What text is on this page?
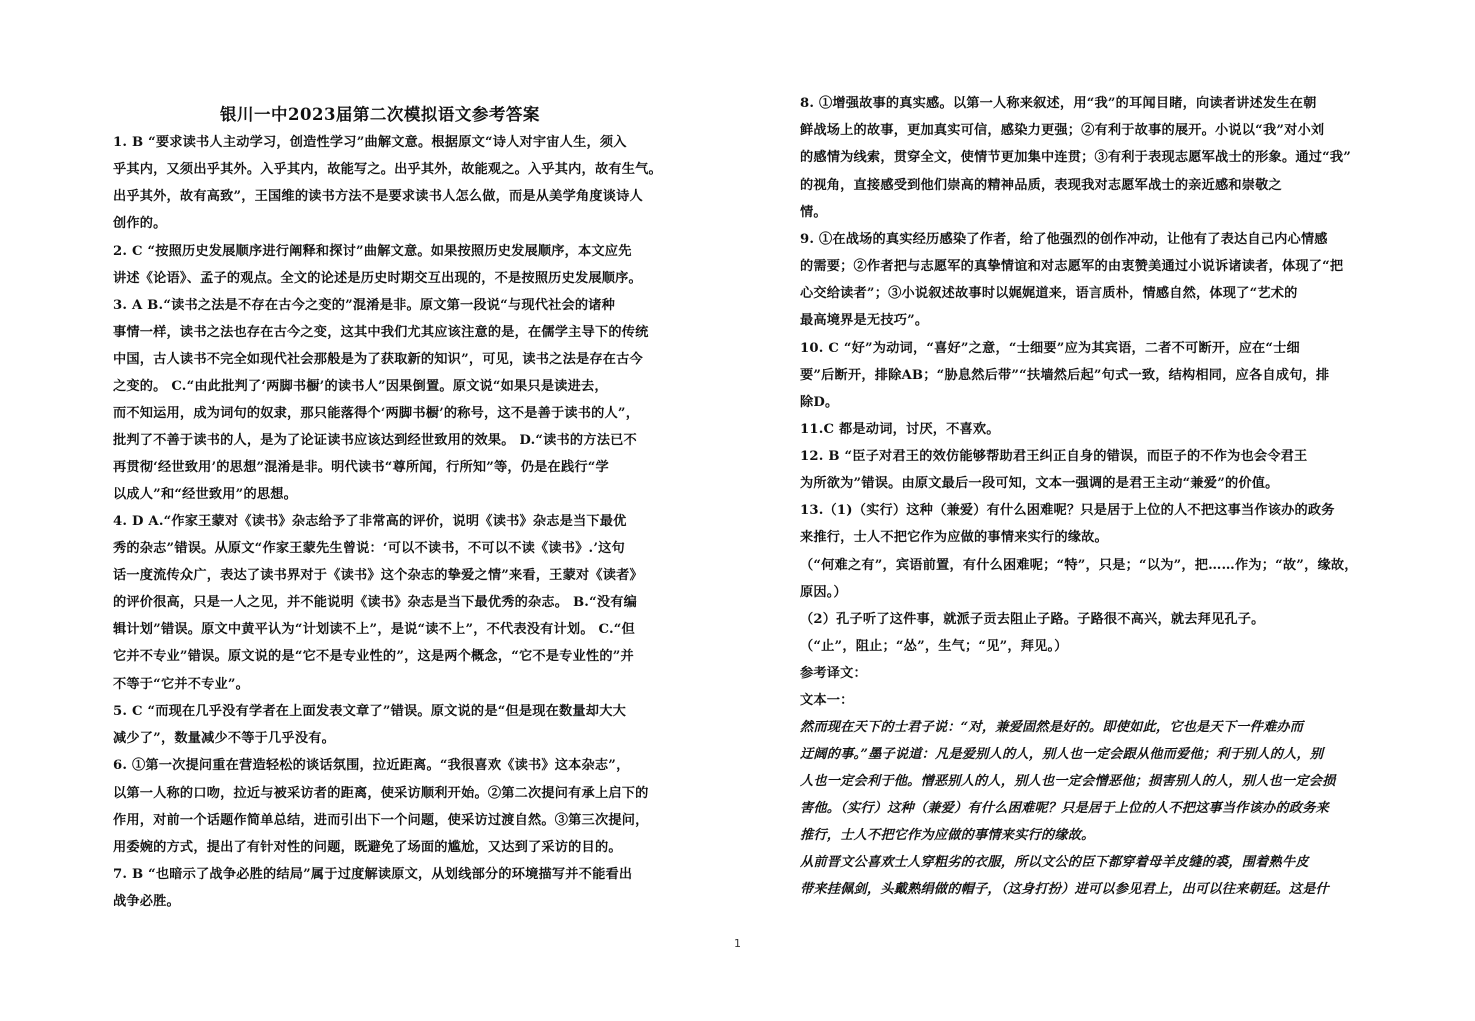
银川一中2023届第二次模拟语文参考答案
1. B “要求读书人主动学习，创造性学习”曲解文意。根据原文“诗人对宇宙人生，须入
乎其内，又须出乎其外。入乎其内，故能写之。出乎其外，故能观之。入乎其内，故有生气。
出乎其外，故有高致”，王国维的读书方法不是要求读书人怎么做，而是从美学角度谈诗人
创作的。
2. C “按照历史发展顺序进行阐释和探讨”曲解文意。如果按照历史发展顺序，本文应先
讲述《论语》、孟子的观点。全文的论述是历史时期交互出现的，不是按照历史发展顺序。
3. A B.“读书之法是不存在古今之变的”混淆是非。原文第一段说“与现代社会的诸种
事情一样，读书之法也存在古今之变，这其中我们尤其应该注意的是，在儒学主导下的传统
中国，古人读书不完全如现代社会那般是为了获取新的知识”，可见，读书之法是存在古今
之变的。 C.“由此批判了‘两脚书橱’的读书人”因果倒置。原文说“如果只是读进去，
而不知运用，成为词句的奴隶，那只能落得个‘两脚书橱’的称号，这不是善于读书的人”，
批判了不善于读书的人，是为了论证读书应该达到经世致用的效果。 D.“读书的方法已不
再贯彻‘经世致用’的思想”混淆是非。明代读书“尊所闻，行所知”等，仍是在践行“学
以成人”和“经世致用”的思想。
4. D A.“作家王蒙对《读书》杂志给予了非常高的评价，说明《读书》杂志是当下最优
秀的杂志”错误。从原文“作家王蒙先生曾说：‘可以不读书，不可以不读《读书》.’这句
话一度流传众广，表达了读书界对于《读书》这个杂志的挚爱之情”来看，王蒙对《读者》
的评价很高，只是一人之见，并不能说明《读书》杂志是当下最优秀的杂志。 B.“没有编
辑计划”错误。原文中黄平认为“计划读不上”，是说“读不上”，不代表没有计划。 C.“但
它并不专业”错误。原文说的是“它不是专业性的”，这是两个概念，“它不是专业性的”并
不等于“它并不专业”。
5. C “而现在几乎没有学者在上面发表文章了”错误。原文说的是“但是现在数量却大大
减少了”，数量减少不等于几乎没有。
6. ①第一次提问重在营造轻松的谈话氛围，拉近距离。“我很喜欢《读书》这本杂志”，
以第一人称的口吻，拉近与被采访者的距离，使采访顺利开始。②第二次提问有承上启下的
作用，对前一个话题作简单总结，进而引出下一个问题，使采访过渡自然。③第三次提问，
用委婉的方式，提出了有针对性的问题，既避免了场面的尴尬，又达到了采访的目的。
7. B “也暗示了战争必胜的结局”属于过度解读原文，从划线部分的环境描写并不能看出
战争必胜。
8. ①增强故事的真实感。以第一人称来叙述，用“我”的耳闻目睹，向读者讲述发生在朝
鲜战场上的故事，更加真实可信，感染力更强；②有利于故事的展开。小说以“我”对小刘
的感情为线索，贯穿全文，使情节更加集中连贯；③有利于表现志愿军战士的形象。通过“我”
的视角，直接感受到他们崇高的精神品质，表现我对志愿军战士的亲近感和崇敬之
情。
9. ①在战场的真实经历感染了作者，给了他强烈的创作冲动，让他有了表达自己内心情感
的需要；②作者把与志愿军的真挚情谊和对志愿军的由衷赞美通过小说诉诸读者，体现了“把
心交给读者”；③小说叙述故事时以娓娓道来，语言质朴，情感自然，体现了“艺术的
最高境界是无技巧”。
10. C “好”为动词，“喜好”之意，“士细要”应为其宾语，二者不可断开，应在“士细
要”后断开，排除AB；“胁息然后带”“扶墙然后起”句式一致，结构相同，应各自成句，排
除D。
11.C 都是动词，讨厌，不喜欢。
12. B “臣子对君王的效仿能够帮助君王纠正自身的错误，而臣子的不作为也会令君王
为所欲为”错误。由原文最后一段可知，文本一强调的是君王主动“兼爱”的价值。
13.（1)（实行）这种（兼爱）有什么困难呢？只是居于上位的人不把这事当作该办的政务
来推行，士人不把它作为应做的事情来实行的缘故。
（“何难之有”，宾语前置，有什么困难呢；“特”，只是；“以为”，把……作为；“故”，缘故，
原因。）
（2）孔子听了这件事，就派子贡去阻止子路。子路很不高兴，就去拜见孔子。
（“止”，阻止；“怂”，生气；“见”，拜见。）
参考译文：
文本一：
然而现在天下的士君子说：“对，兼爱固然是好的。即使如此，它也是天下一件难办而
迂阔的事。”墨子说道：凡是爱别人的人，别人也一定会跟从他而爱他；利于别人的人，别
人也一定会利于他。憎恶别人的人，别人也一定会憎恶他；损害别人的人，别人也一定会损
害他。（实行）这种（兼爱）有什么困难呢？只是居于上位的人不把这事当作该办的政务来
推行，士人不把它作为应做的事情来实行的缘故。
从前晋文公喜欢士人穿粗劣的衣服，所以文公的臣下都穿着母羊皮缝的裘，围着熟牛皮
带来挂佩剑，头戴熟绢做的帽子，（这身打扮）进可以参见君上，出可以往来朝廷。这是什
1
